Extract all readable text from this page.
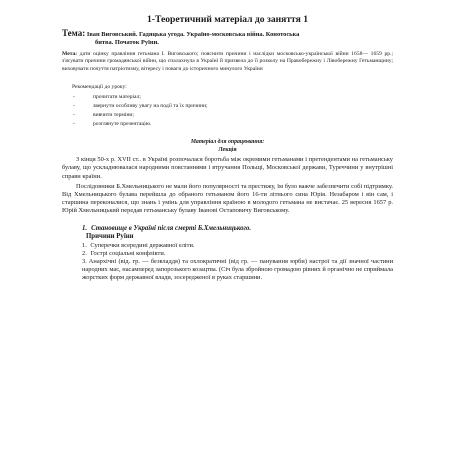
1-Теоретичний матеріал до заняття 1
Тема: Іван Виговський. Гадяцька угода. Україно-московська війна. Конотоська
битва. Початок Руїни.
Мета: дати оцінку правління гетьмана І. Виговського; пояснити причини і наслідки московсько-української війни 1658— 1659 рр.; з'ясувати причини громадянської війни, що спалахнула в Україні й призвела до її розколу на Правобережну і Лівобережну Гетьманщину; виховувати почуття патріотизму, вітересу і поваги до історичного минулого України
Рекомендації до уроку:
-	прочитати матеріал;
-	звернути особливу увагу на події та їх причини;
-	вивчити терміни;
-	розглянуте презентацію.
Матеріал для опрацювання:
Лекція

З кінця 50-х р. XVII ст.. в Україні розпочалася боротьба між окремими гетьманами і претендентами на гетьманську булаву, що ускладнювалася народними повстаннями і втручання Польщі, Московської держави, Туреччини у внутрішні справи країни.

Послідовники Б.Хмельницького не мали його популярності та престижу, їм було важче забезпечити собі підтримку. Від Хмельницького булава перейшла до обраного гетьманом його 16-ти літнього сина Юрія. Незабаром і він сам, і старшина переконалися, що знань і умінь для управління країною в молодого гетьмана не вистачає. 25 вересня 1657 р. Юрій Хмельницький передав гетьманську булаву Іванові Остаповичу Виговському.

1. Становище в Україні після смерті Б.Хмельницького.
Причини Руїни
1. Суперечки всередині державної еліти.
2. Гострі соціальні конфлікти.
3. Анархічні (від. гр. — безвладдя) та охлократичні (від гр. — панування юрби) настрої та дії значної частини народних мас, насамперед запорозького козацтва. (Січ була збройною громадою рівних й органічно не сприймала жорстких форм державної влади, зосередженої в руках старшини.
